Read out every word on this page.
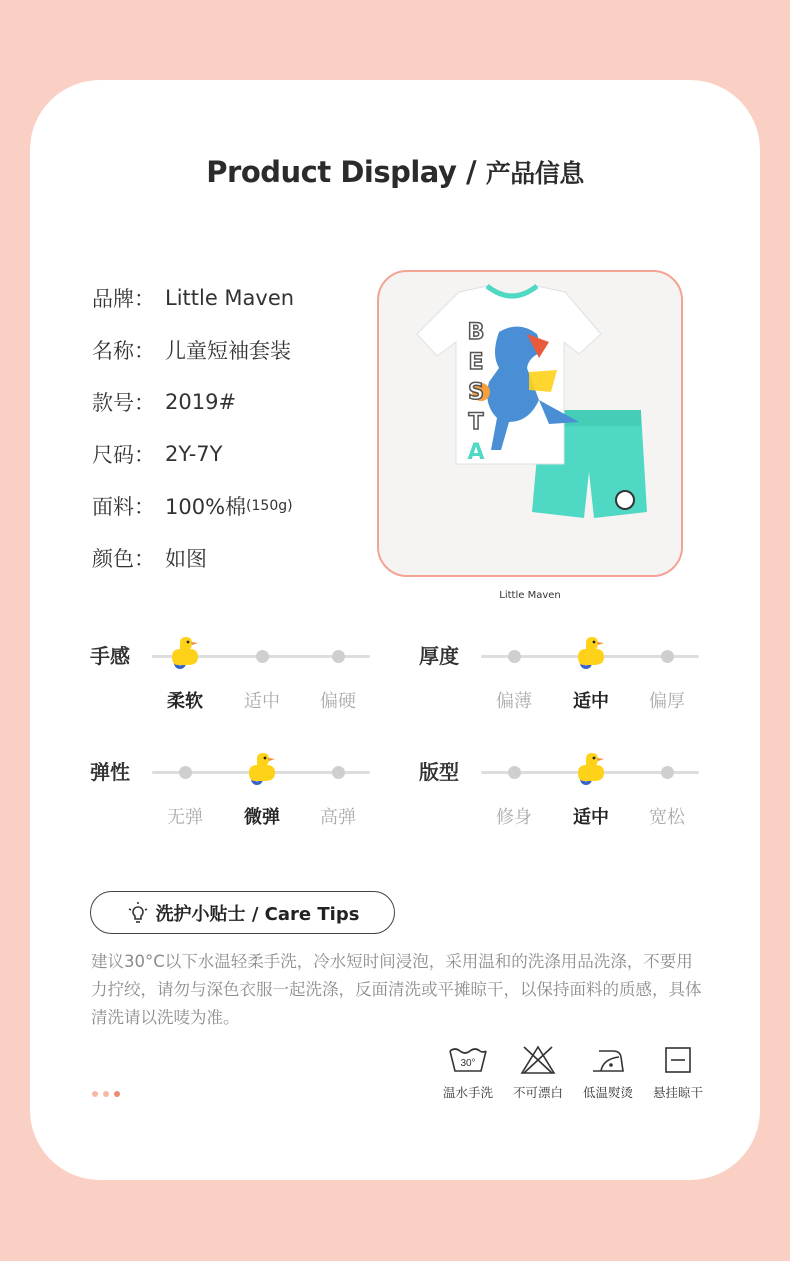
Product Display / 产品信息
品牌： Little Maven
名称： 儿童短袖套装
款号： 2019#
尺码： 2Y-7Y
面料： 100%棉 (150g)
颜色： 如图
B
E
S
T
A
Little Maven
手感
柔软	适中	偏硬
厚度
偏薄	适中	偏厚
弹性
无弹	微弹	高弹
版型
修身	适中	宽松
洗护小贴士 / Care Tips
建议30°C以下水温轻柔手洗，冷水短时间浸泡，采用温和的洗涤用品洗涤，不要用力拧绞，请勿与深色衣服一起洗涤，反面清洗或平摊晾干，以保持面料的质感，具体清洗请以洗唛为准。
30°
温水手洗	不可漂白	低温熨烫	悬挂晾干
